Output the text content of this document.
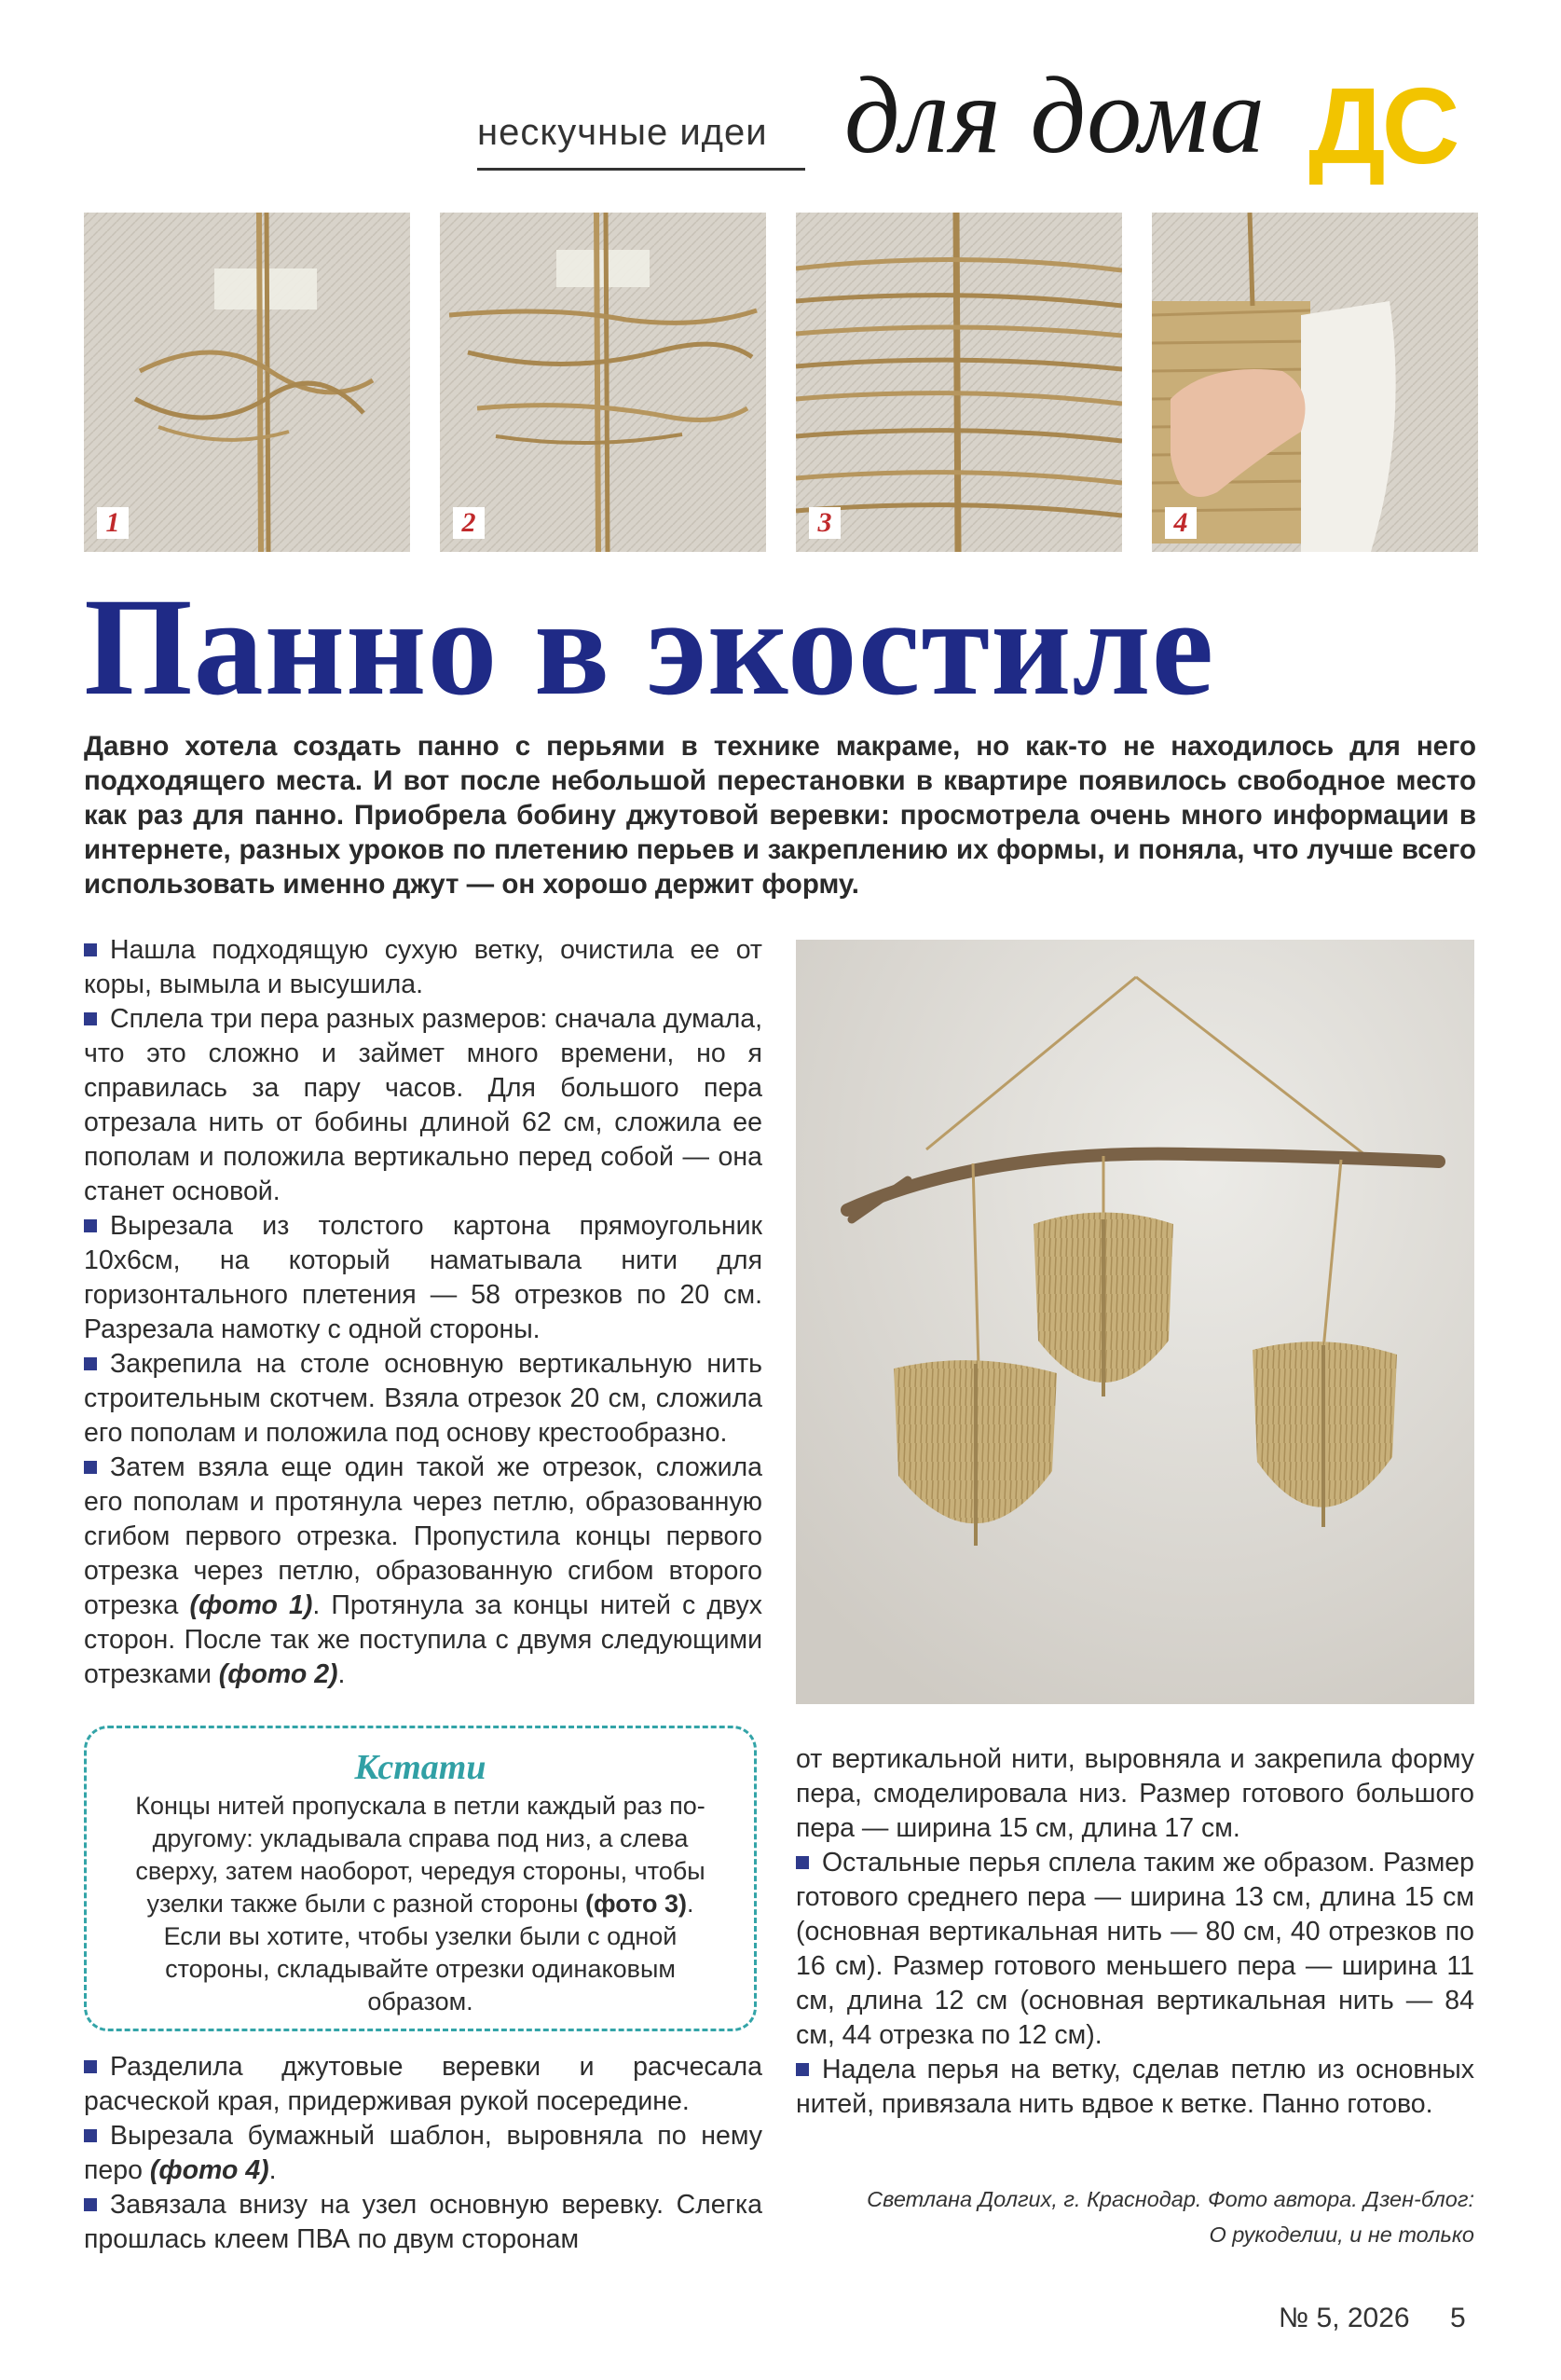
нескучные идеи для дома ДС
1	2	3	4
Панно в экостиле

Давно хотела создать панно с перьями в технике макраме, но как-то не находилось для него подходящего места. И вот после небольшой перестановки в квартире появилось свободное место как раз для панно. Приобрела бобину джутовой веревки: просмотрела очень много информации в интернете, разных уроков по плетению перьев и закреплению их формы, и поняла, что лучше всего использовать именно джут — он хорошо держит форму.

Нашла подходящую сухую ветку, очистила ее от коры, вымыла и высушила.

Сплела три пера разных размеров: сначала думала, что это сложно и займет много времени, но я справилась за пару часов. Для большого пера отрезала нить от бобины длиной 62 см, сложила ее пополам и положила вертикально перед собой — она станет основой.

Вырезала из толстого картона прямоугольник 10х6см, на который наматывала нити для горизонтального плетения — 58 отрезков по 20 см. Разрезала намотку с одной стороны.

Закрепила на столе основную вертикальную нить строительным скотчем. Взяла отрезок 20 см, сложила его пополам и положила под основу крестообразно.

Затем взяла еще один такой же отрезок, сложила его пополам и протянула через петлю, образованную сгибом первого отрезка. Пропустила концы первого отрезка через петлю, образованную сгибом второго отрезка (фото 1). Протянула за концы нитей с двух сторон. После так же поступила с двумя следующими отрезками (фото 2).

Кстати
Концы нитей пропускала в петли каждый раз по-другому: укладывала справа под низ, а слева сверху, затем наоборот, чередуя стороны, чтобы узелки также были с разной стороны (фото 3). Если вы хотите, чтобы узелки были с одной стороны, складывайте отрезки одинаковым образом.

Разделила джутовые веревки и расчесала расческой края, придерживая рукой посередине.

Вырезала бумажный шаблон, выровняла по нему перо (фото 4).

Завязала внизу на узел основную веревку. Слегка прошлась клеем ПВА по двум сторонам

от вертикальной нити, выровняла и закрепила форму пера, смоделировала низ. Размер готового большого пера — ширина 15 см, длина 17 см.

Остальные перья сплела таким же образом. Размер готового среднего пера — ширина 13 см, длина 15 см (основная вертикальная нить — 80 см, 40 отрезков по 16 см). Размер готового меньшего пера — ширина 11 см, длина 12 см (основная вертикальная нить — 84 см, 44 отрезка по 12 см).

Надела перья на ветку, сделав петлю из основных нитей, привязала нить вдвое к ветке. Панно готово.

Светлана Долгих, г. Краснодар. Фото автора. Дзен-блог:
О рукоделии, и не только
№ 5, 2026 5
